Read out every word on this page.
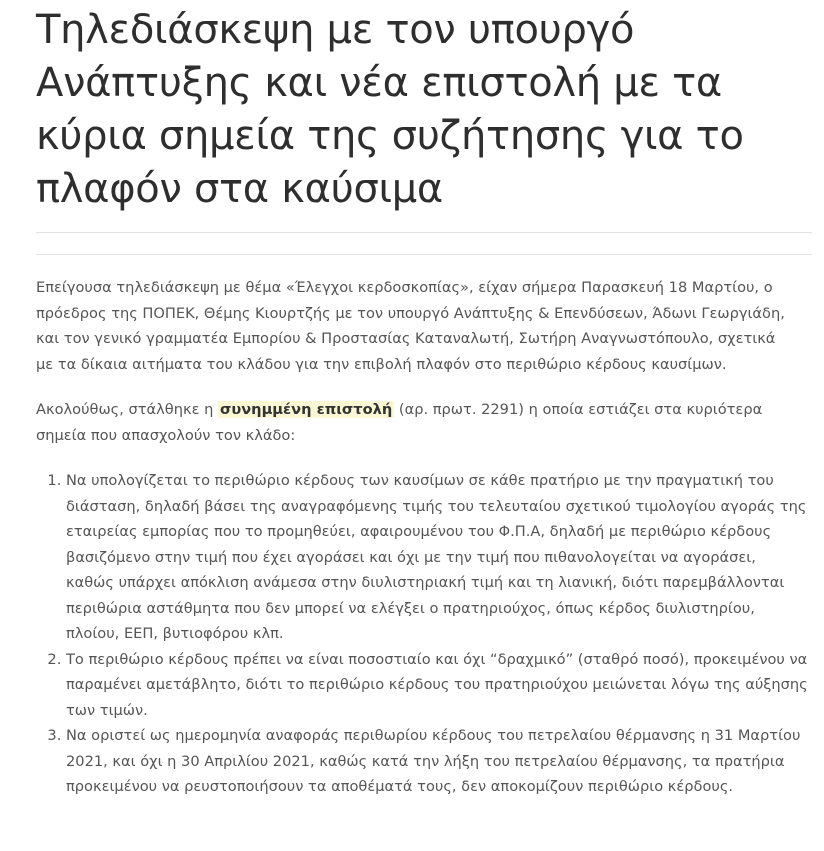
Τηλεδιάσκεψη με τον υπουργό Ανάπτυξης και νέα επιστολή με τα κύρια σημεία της συζήτησης για το πλαφόν στα καύσιμα

Επείγουσα τηλεδιάσκεψη με θέμα «Έλεγχοι κερδοσκοπίας», είχαν σήμερα Παρασκευή 18 Μαρτίου, ο πρόεδρος της ΠΟΠΕΚ, Θέμης Κιουρτζής με τον υπουργό Ανάπτυξης & Επενδύσεων, Άδωνι Γεωργιάδη, και τον γενικό γραμματέα Εμπορίου & Προστασίας Καταναλωτή, Σωτήρη Αναγνωστόπουλο, σχετικά με τα δίκαια αιτήματα του κλάδου για την επιβολή πλαφόν στο περιθώριο κέρδους καυσίμων.

Ακολούθως, στάλθηκε η συνημμένη επιστολή (αρ. πρωτ. 2291) η οποία εστιάζει στα κυριότερα σημεία που απασχολούν τον κλάδο:

1. Να υπολογίζεται το περιθώριο κέρδους των καυσίμων σε κάθε πρατήριο με την πραγματική του διάσταση, δηλαδή βάσει της αναγραφόμενης τιμής του τελευταίου σχετικού τιμολογίου αγοράς της εταιρείας εμπορίας που το προμηθεύει, αφαιρουμένου του Φ.Π.Α, δηλαδή με περιθώριο κέρδους βασιζόμενο στην τιμή που έχει αγοράσει και όχι με την τιμή που πιθανολογείται να αγοράσει, καθώς υπάρχει απόκλιση ανάμεσα στην διυλιστηριακή τιμή και τη λιανική, διότι παρεμβάλλονται περιθώρια αστάθμητα που δεν μπορεί να ελέγξει ο πρατηριούχος, όπως κέρδος διυλιστηρίου, πλοίου, ΕΕΠ, βυτιοφόρου κλπ.
2. Το περιθώριο κέρδους πρέπει να είναι ποσοστιαίο και όχι “δραχμικό” (σταθρό ποσό), προκειμένου να παραμένει αμετάβλητο, διότι το περιθώριο κέρδους του πρατηριούχου μειώνεται λόγω της αύξησης των τιμών.
3. Να οριστεί ως ημερομηνία αναφοράς περιθωρίου κέρδους του πετρελαίου θέρμανσης η 31 Μαρτίου 2021, και όχι η 30 Απριλίου 2021, καθώς κατά την λήξη του πετρελαίου θέρμανσης, τα πρατήρια προκειμένου να ρευστοποιήσουν τα αποθέματά τους, δεν αποκομίζουν περιθώριο κέρδους.
